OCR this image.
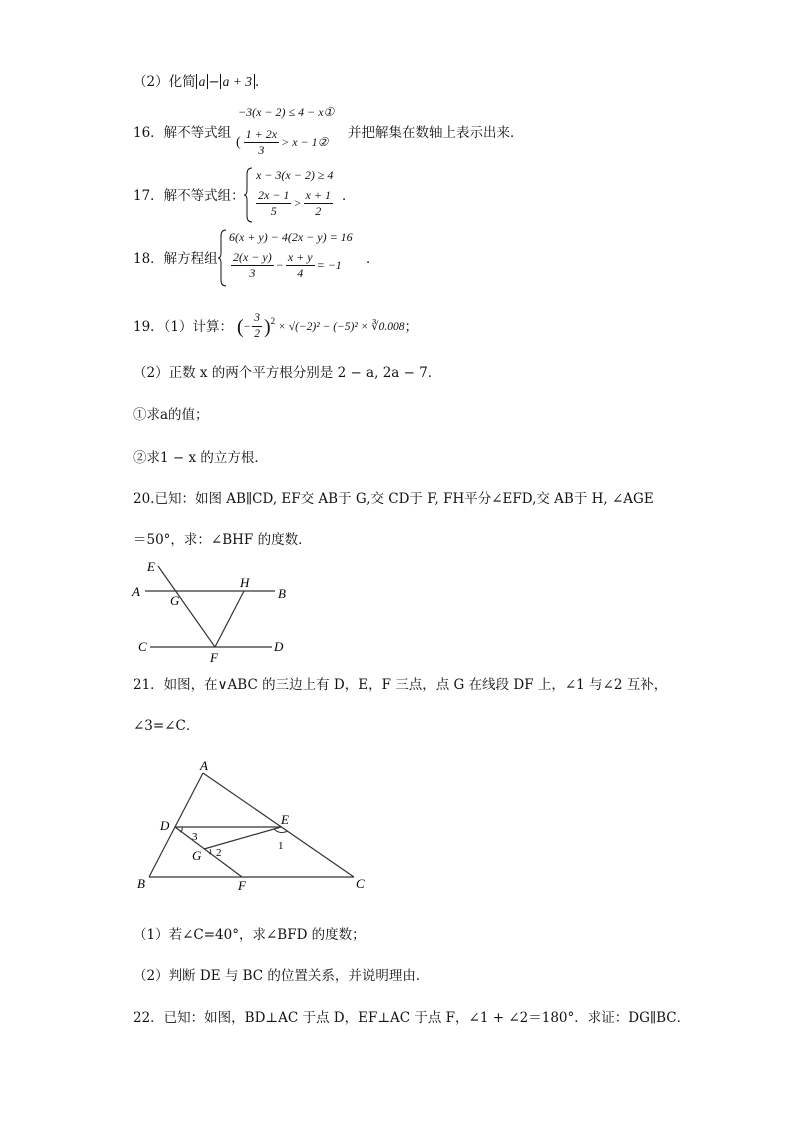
（2）化简 a − a + 3 ．
16．解不等式组
−3(x − 2) ≤ 4 − x①
( $\frac{1 + 2x}{3} > x$ − 1②
并把解集在数轴上表示出来．
17．解不等式组：
x − 3(x − 2) ≥ 4
$\frac{2x - 1}{5} > \frac{x + 1}{2}$ ．
18．解方程组
6(x + y) − 4(2x − y) = 16
$\frac{2(x - y)}{3} - \frac{x + y}{4} = -1$ ．
19．（1）计算： ( − $\frac{3}{2}$ ) 2 × √(−2)² − (−5)² × ∛0.008 ；
（2）正数 x 的两个平方根分别是 2 − a, 2a − 7．
①求a的值；
②求1 − x 的立方根．
20.已知：如图 AB∥CD, EF交 AB于 G,交 CD于 F, FH平分∠EFD,交 AB于 H, ∠AGE
＝50°，求：∠BHF 的度数．
E
A
G
H
B
C
F
D
21．如图，在∨ABC 的三边上有 D，E，F 三点，点 G 在线段 DF 上，∠1 与∠2 互补，
∠3=∠C．
A
B	C
D	E
F
G
1
2
3
（1）若∠C=40°，求∠BFD 的度数；
（2）判断 DE 与 BC 的位置关系，并说明理由．
22．已知：如图，BD⊥AC 于点 D，EF⊥AC 于点 F，∠1 + ∠2＝180°．求证：DG∥BC．
